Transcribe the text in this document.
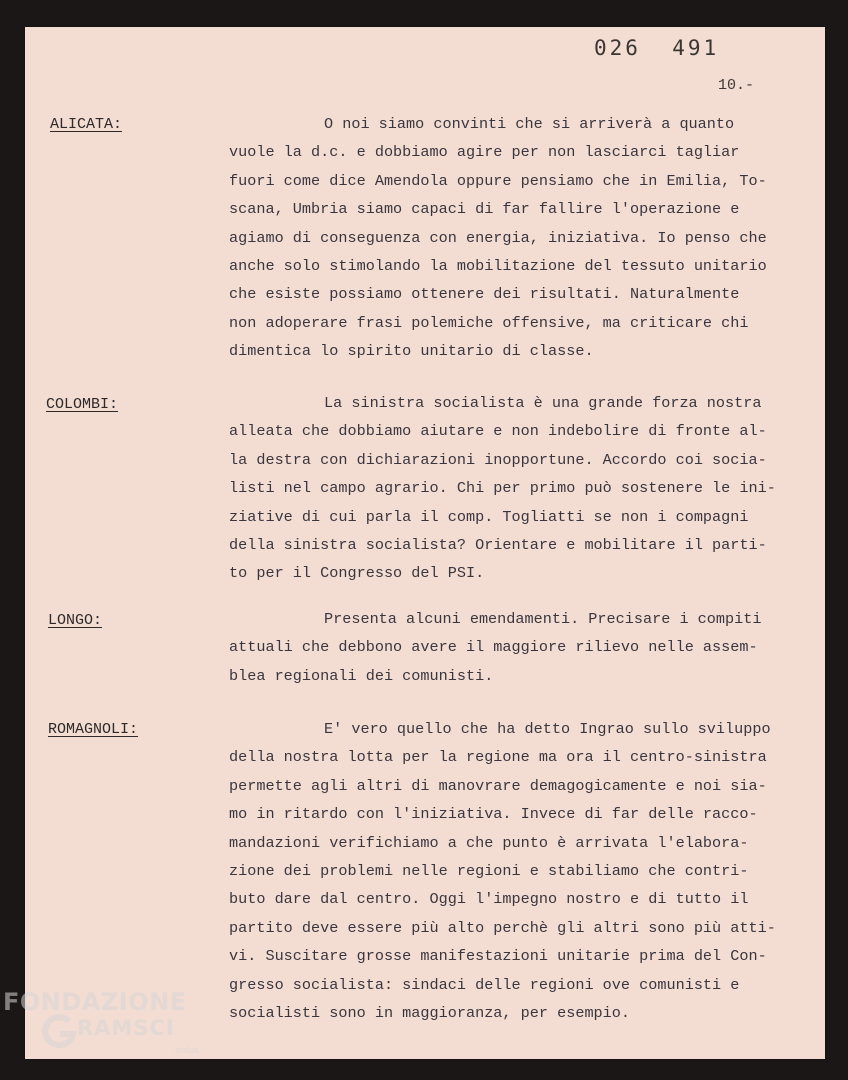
026  491
10.-
ALICATA:	O noi siamo convinti che si arriverà a quanto
vuole la d.c. e dobbiamo agire per non lasciarci tagliar
fuori come dice Amendola oppure pensiamo che in Emilia, To-
scana, Umbria siamo capaci di far fallire l'operazione e
agiamo di conseguenza con energia, iniziativa. Io penso che
anche solo stimolando la mobilitazione del tessuto unitario
che esiste possiamo ottenere dei risultati. Naturalmente
non adoperare frasi polemiche offensive, ma criticare chi
dimentica lo spirito unitario di classe.
COLOMBI:	La sinistra socialista è una grande forza nostra
alleata che dobbiamo aiutare e non indebolire di fronte al-
la destra con dichiarazioni inopportune. Accordo coi socia-
listi nel campo agrario. Chi per primo può sostenere le ini-
ziative di cui parla il comp. Togliatti se non i compagni
della sinistra socialista? Orientare e mobilitare il parti-
to per il Congresso del PSI.
LONGO:	Presenta alcuni emendamenti. Precisare i compiti
attuali che debbono avere il maggiore rilievo nelle assem-
blea regionali dei comunisti.
ROMAGNOLI:	E' vero quello che ha detto Ingrao sullo sviluppo
della nostra lotta per la regione ma ora il centro-sinistra
permette agli altri di manovrare demagogicamente e noi sia-
mo in ritardo con l'iniziativa. Invece di far delle racco-
mandazioni verifichiamo a che punto è arrivata l'elabora-
zione dei problemi nelle regioni e stabiliamo che contri-
buto dare dal centro. Oggi l'impegno nostro e di tutto il
partito deve essere più alto perchè gli altri sono più atti-
vi. Suscitare grosse manifestazioni unitarie prima del Con-
gresso socialista: sindaci delle regioni ove comunisti e
socialisti sono in maggioranza, per esempio.
FONDAZIONE
RAMSCI
onlus
